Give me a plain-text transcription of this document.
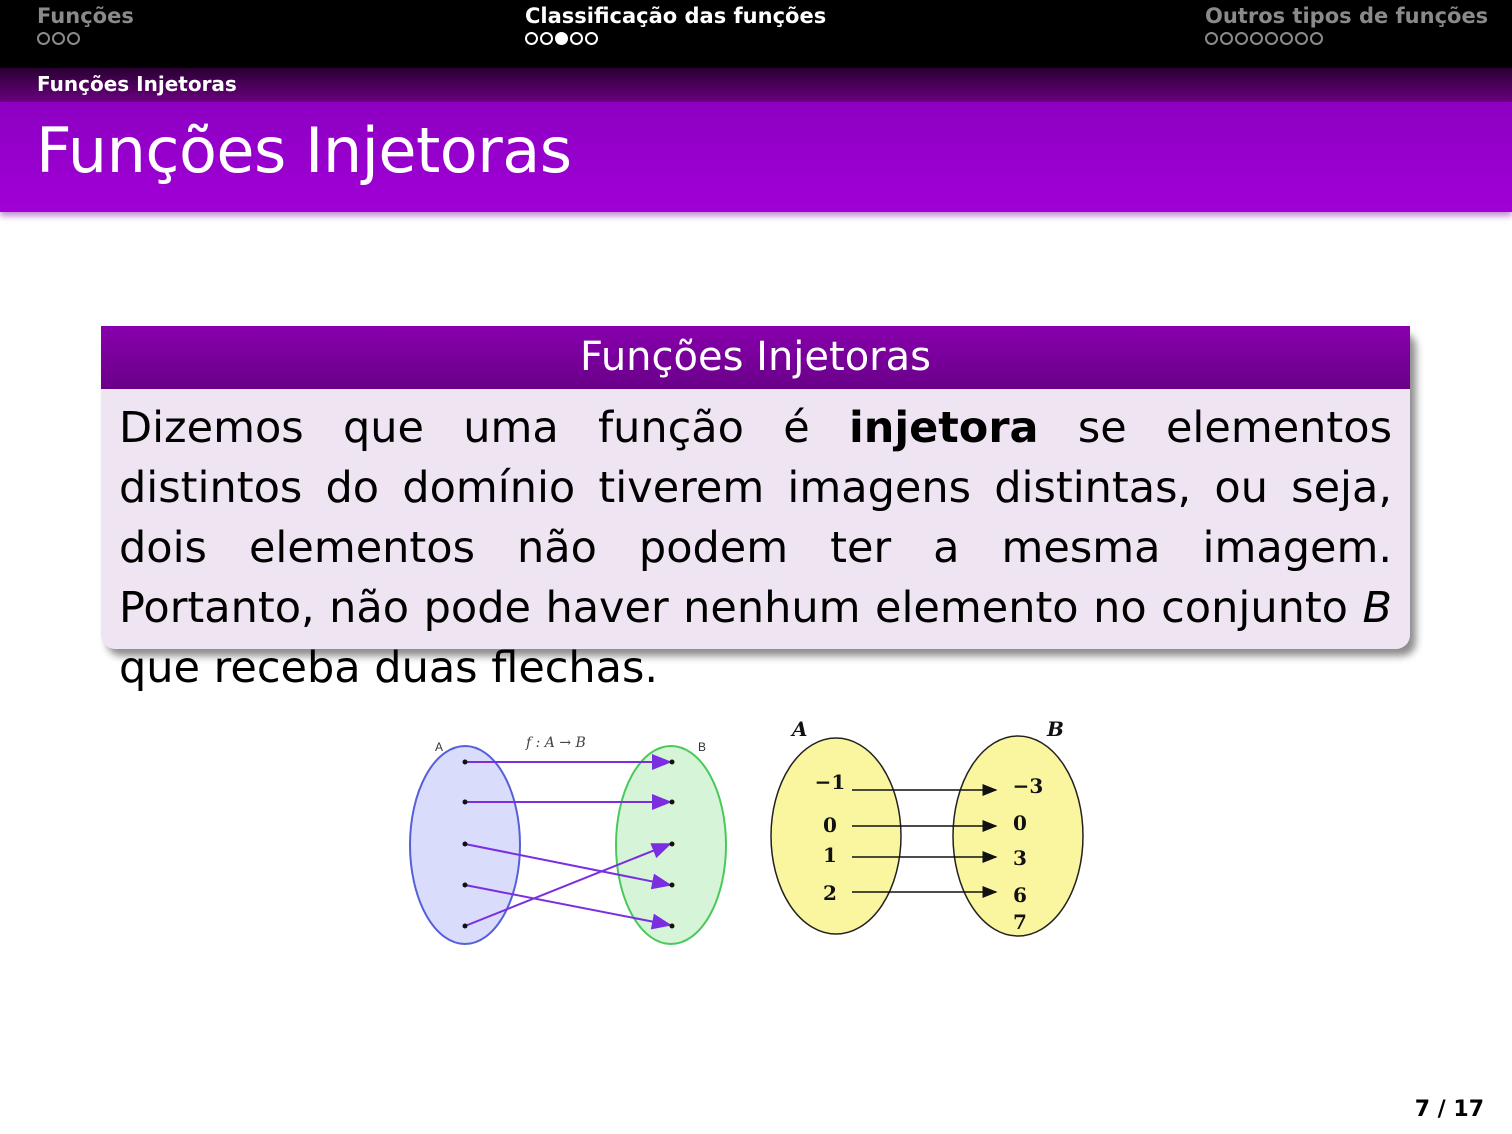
Funções	Classificação das funções	Outros tipos de funções
Funções Injetoras
Funções Injetoras
Funções Injetoras
Dizemos que uma função é injetora se elementos distintos do domínio tiverem imagens distintas, ou seja, dois elementos não podem ter a mesma imagem. Portanto, não pode haver nenhum elemento no conjunto B que receba duas flechas.
A	B
f : A → B
A	B
−1
0
1
2
−3
0
3
6
7
7 / 17
